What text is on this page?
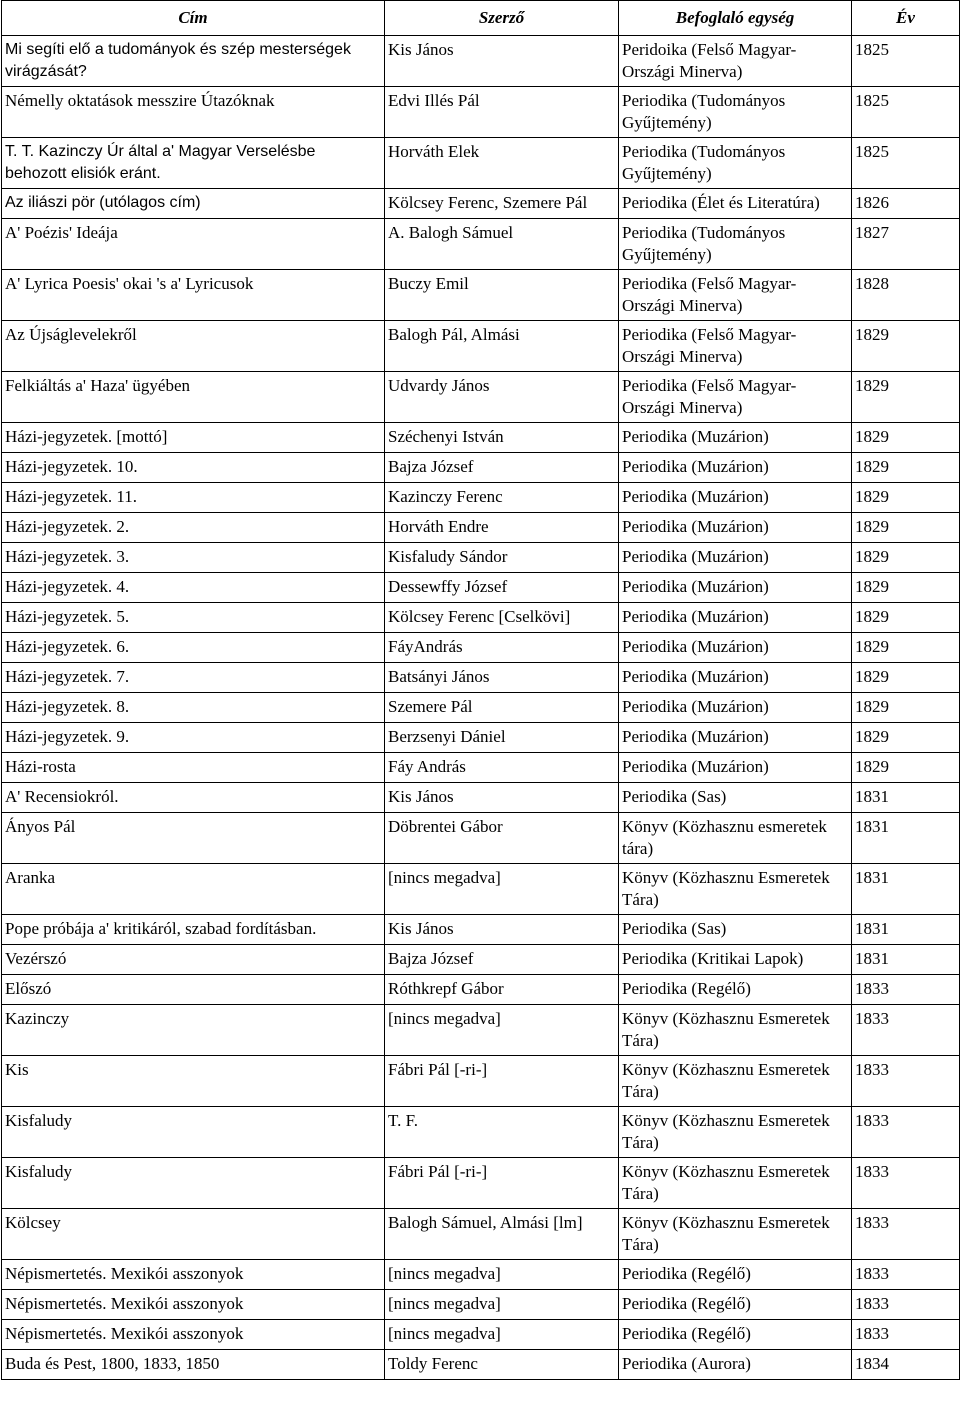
Cím	Szerző	Befoglaló egység	Év
Mi segíti elő a tudományok és szép mesterségek virágzását?	Kis János	Peridoika (Felső Magyar-Országi Minerva)	1825
Némelly oktatások messzire Útazóknak	Edvi Illés Pál	Periodika (Tudományos Gyűjtemény)	1825
T. T. Kazinczy Úr által a' Magyar Verselésbe behozott elisiók eránt.	Horváth Elek	Periodika (Tudományos Gyűjtemény)	1825
Az iliászi pör (utólagos cím)	Kölcsey Ferenc, Szemere Pál	Periodika (Élet és Literatúra)	1826
A' Poézis' Ideája	A. Balogh Sámuel	Periodika (Tudományos Gyűjtemény)	1827
A' Lyrica Poesis' okai 's a' Lyricusok	Buczy Emil	Periodika (Felső Magyar-Országi Minerva)	1828
Az Újságlevelekről	Balogh Pál, Almási	Periodika (Felső Magyar-Országi Minerva)	1829
Felkiáltás a' Haza' ügyében	Udvardy János	Periodika (Felső Magyar-Országi Minerva)	1829
Házi-jegyzetek. [mottó]	Széchenyi István	Periodika (Muzárion)	1829
Házi-jegyzetek. 10.	Bajza József	Periodika (Muzárion)	1829
Házi-jegyzetek. 11.	Kazinczy Ferenc	Periodika (Muzárion)	1829
Házi-jegyzetek. 2.	Horváth Endre	Periodika (Muzárion)	1829
Házi-jegyzetek. 3.	Kisfaludy Sándor	Periodika (Muzárion)	1829
Házi-jegyzetek. 4.	Dessewffy József	Periodika (Muzárion)	1829
Házi-jegyzetek. 5.	Kölcsey Ferenc [Cselkövi]	Periodika (Muzárion)	1829
Házi-jegyzetek. 6.	FáyAndrás	Periodika (Muzárion)	1829
Házi-jegyzetek. 7.	Batsányi János	Periodika (Muzárion)	1829
Házi-jegyzetek. 8.	Szemere Pál	Periodika (Muzárion)	1829
Házi-jegyzetek. 9.	Berzsenyi Dániel	Periodika (Muzárion)	1829
Házi-rosta	Fáy András	Periodika (Muzárion)	1829
A' Recensiokról.	Kis János	Periodika (Sas)	1831
Ányos Pál	Döbrentei Gábor	Könyv (Közhasznu esmeretek tára)	1831
Aranka	[nincs megadva]	Könyv (Közhasznu Esmeretek Tára)	1831
Pope próbája a' kritikáról, szabad fordításban.	Kis János	Periodika (Sas)	1831
Vezérszó	Bajza József	Periodika (Kritikai Lapok)	1831
Előszó	Róthkrepf Gábor	Periodika (Regélő)	1833
Kazinczy	[nincs megadva]	Könyv (Közhasznu Esmeretek Tára)	1833
Kis	Fábri Pál [-ri-]	Könyv (Közhasznu Esmeretek Tára)	1833
Kisfaludy	T. F.	Könyv (Közhasznu Esmeretek Tára)	1833
Kisfaludy	Fábri Pál [-ri-]	Könyv (Közhasznu Esmeretek Tára)	1833
Kölcsey	Balogh Sámuel, Almási [lm]	Könyv (Közhasznu Esmeretek Tára)	1833
Népismertetés. Mexikói asszonyok	[nincs megadva]	Periodika (Regélő)	1833
Népismertetés. Mexikói asszonyok	[nincs megadva]	Periodika (Regélő)	1833
Népismertetés. Mexikói asszonyok	[nincs megadva]	Periodika (Regélő)	1833
Buda és Pest, 1800, 1833, 1850	Toldy Ferenc	Periodika (Aurora)	1834
